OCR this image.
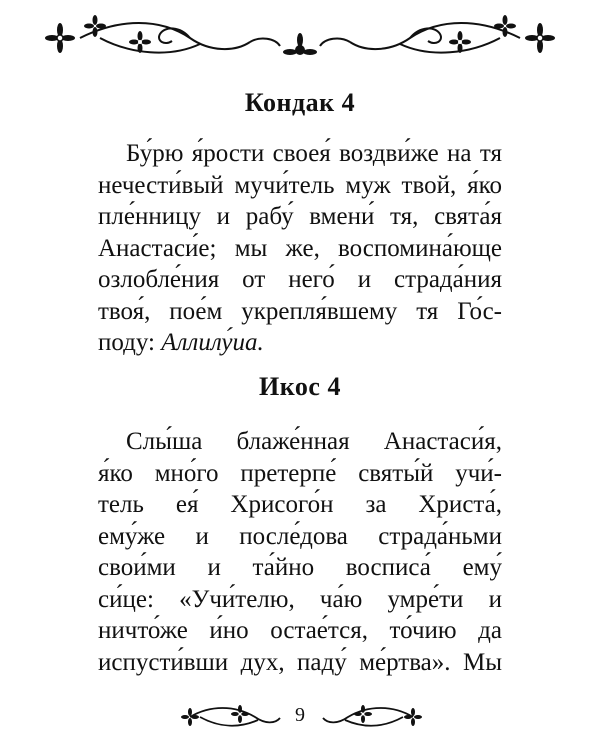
Кондак 4
Бу́рю я́рости своея́ воздви́же на тя
нечести́вый мучи́тель муж твой, я́ко
пле́нницу и рабу́ вмени́ тя, свята́я
Анастаси́е; мы же, воспомина́юще
озлобле́ния от него́ и страда́ния
твоя́, пое́м укрепля́вшему тя Го́с-
поду: Аллилу́иа.
Икос 4
Слы́ша блаже́нная Анастаси́я,
я́ко мно́го претерпе́ святы́й учи́-
тель ея́ Хрисого́н за Христа́,
ему́же и после́дова страда́ньми
свои́ми и та́йно восписа́ ему́
си́це: «Учи́телю, ча́ю умре́ти и
ничто́же и́но остае́тся, то́чию да
испусти́вши дух, паду́ ме́ртва». Мы
9
